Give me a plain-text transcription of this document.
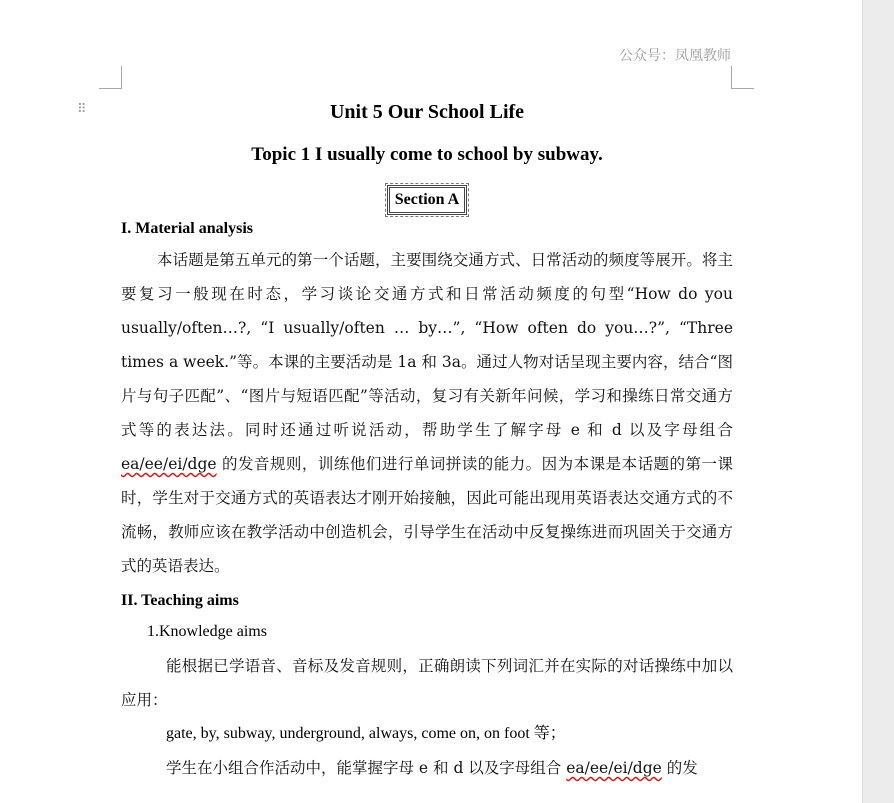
公众号：凤凰教师
⠿	Unit 5 Our School Life
Topic 1 I usually come to school by subway.
Section A

I. Material analysis

本话题是第五单元的第一个话题，主要围绕交通方式、日常活动的频度等展开。将主要复习一般现在时态，学习谈论交通方式和日常活动频度的句型“How do you usually/often…?, “I usually/often … by…”, “How often do you…?”, “Three times a week.”等。本课的主要活动是 1a 和 3a。通过人物对话呈现主要内容，结合“图片与句子匹配”、“图片与短语匹配”等活动，复习有关新年问候，学习和操练日常交通方式等的表达法。同时还通过听说活动，帮助学生了解字母 e 和 d 以及字母组合 ea/ee/ei/dge 的发音规则，训练他们进行单词拼读的能力。因为本课是本话题的第一课时，学生对于交通方式的英语表达才刚开始接触，因此可能出现用英语表达交通方式的不流畅，教师应该在教学活动中创造机会，引导学生在活动中反复操练进而巩固关于交通方式的英语表达。

II. Teaching aims

1.Knowledge aims

能根据已学语音、音标及发音规则，正确朗读下列词汇并在实际的对话操练中加以应用：

gate, by, subway, underground, always, come on, on foot 等；

学生在小组合作活动中，能掌握字母 e 和 d 以及字母组合 ea/ee/ei/dge 的发
